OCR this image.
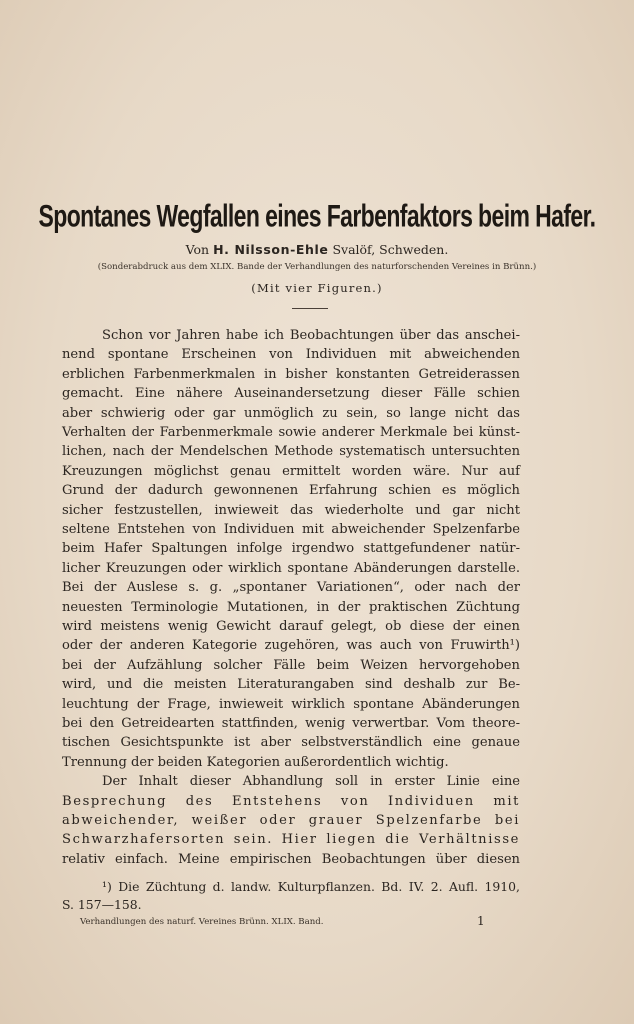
Spontanes Wegfallen eines Farbenfaktors beim Hafer.
Von H. Nilsson-Ehle Svalöf, Schweden.
(Sonderabdruck aus dem XLIX. Bande der Verhandlungen des naturforschenden Vereines in Brünn.)
(Mit vier Figuren.)
Schon vor Jahren habe ich Beobachtungen über das anschei-
nend spontane Erscheinen von Individuen mit abweichenden
erblichen Farbenmerkmalen in bisher konstanten Getreiderassen
gemacht. Eine nähere Auseinandersetzung dieser Fälle schien
aber schwierig oder gar unmöglich zu sein, so lange nicht das
Verhalten der Farbenmerkmale sowie anderer Merkmale bei künst-
lichen, nach der Mendelschen Methode systematisch untersuchten
Kreuzungen möglichst genau ermittelt worden wäre. Nur auf
Grund der dadurch gewonnenen Erfahrung schien es möglich
sicher festzustellen, inwieweit das wiederholte und gar nicht
seltene Entstehen von Individuen mit abweichender Spelzenfarbe
beim Hafer Spaltungen infolge irgendwo stattgefundener natür-
licher Kreuzungen oder wirklich spontane Abänderungen darstelle.
Bei der Auslese s. g. „spontaner Variationen“, oder nach der
neuesten Terminologie Mutationen, in der praktischen Züchtung
wird meistens wenig Gewicht darauf gelegt, ob diese der einen
oder der anderen Kategorie zugehören, was auch von Fruwirth¹)
bei der Aufzählung solcher Fälle beim Weizen hervorgehoben
wird, und die meisten Literaturangaben sind deshalb zur Be-
leuchtung der Frage, inwieweit wirklich spontane Abänderungen
bei den Getreidearten stattfinden, wenig verwertbar. Vom theore-
tischen Gesichtspunkte ist aber selbstverständlich eine genaue
Trennung der beiden Kategorien außerordentlich wichtig.
Der Inhalt dieser Abhandlung soll in erster Linie eine
Besprechung des Entstehens von Individuen mit
abweichender, weißer oder grauer Spelzenfarbe bei
Schwarzhafersorten sein. Hier liegen die Verhältnisse
relativ einfach. Meine empirischen Beobachtungen über diesen
¹) Die Züchtung d. landw. Kulturpflanzen. Bd. IV. 2. Aufl. 1910,
S. 157—158.
Verhandlungen des naturf. Vereines Brünn. XLIX. Band.	1
